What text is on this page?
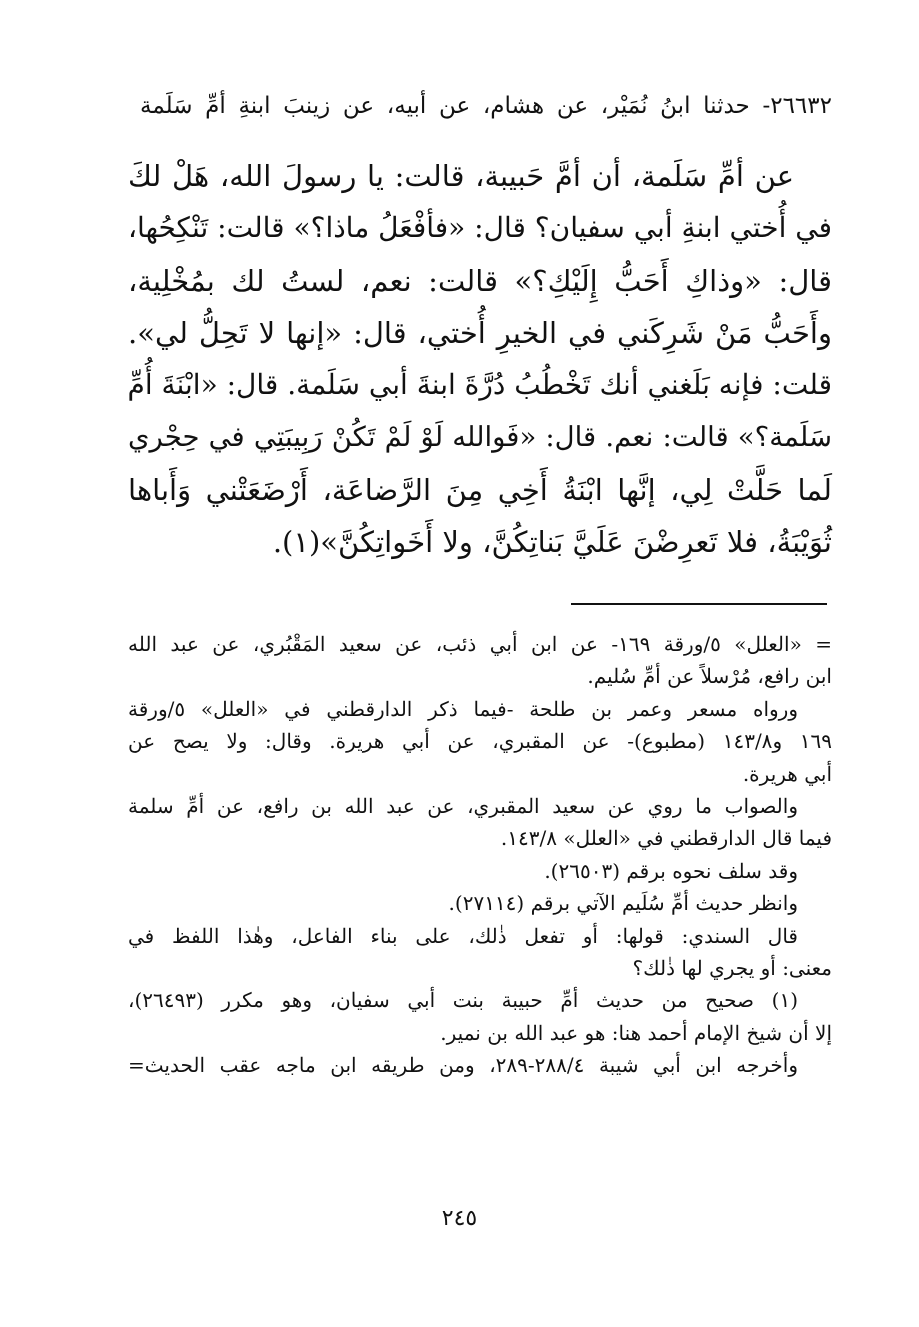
٢٦٦٣٢- حدثنا ابنُ نُمَيْر، عن هشام، عن أبيه، عن زينبَ ابنةِ أمِّ سَلَمة
عن أمِّ سَلَمة، أن أمَّ حَبيبة، قالت: يا رسولَ الله، هَلْ لكَ
في أُختي ابنةِ أبي سفيان؟ قال: «فأفْعَلُ ماذا؟» قالت: تَنْكِحُها،
قال: «وذاكِ أَحَبُّ إِلَيْكِ؟» قالت: نعم، لستُ لك بمُخْلِية،
وأَحَبُّ مَنْ شَرِكَني في الخيرِ أُختي، قال: «إنها لا تَحِلُّ لي».
قلت: فإنه بَلَغني أنك تَخْطُبُ دُرَّةَ ابنةَ أبي سَلَمة. قال: «ابْنَةَ أُمِّ
سَلَمة؟» قالت: نعم. قال: «فَوالله لَوْ لَمْ تَكُنْ رَبِيبَتِي في حِجْري
لَما حَلَّتْ لِي، إنَّها ابْنَةُ أَخِي مِنَ الرَّضاعَة، أَرْضَعَتْني وَأَباها
ثُوَيْبَةُ، فلا تَعرِضْنَ عَلَيَّ بَناتِكُنَّ، ولا أَخَواتِكُنَّ»(١).
= «العلل» ٥/ورقة ١٦٩- عن ابن أبي ذئب، عن سعيد المَقْبُري، عن عبد الله
ابن رافع، مُرْسلاً عن أمِّ سُليم.
ورواه مسعر وعمر بن طلحة -فيما ذكر الدارقطني في «العلل» ٥/ورقة
١٦٩ و١٤٣/٨ (مطبوع)- عن المقبري، عن أبي هريرة. وقال: ولا يصح عن
أبي هريرة.
والصواب ما روي عن سعيد المقبري، عن عبد الله بن رافع، عن أمِّ سلمة
فيما قال الدارقطني في «العلل» ١٤٣/٨.
وقد سلف نحوه برقم (٢٦٥٠٣).
وانظر حديث أمِّ سُلَيم الآتي برقم (٢٧١١٤).
قال السندي: قولها: أو تفعل ذٰلك، على بناء الفاعل، وهٰذا اللفظ في
معنى: أو يجري لها ذٰلك؟
(١) صحيح من حديث أمِّ حبيبة بنت أبي سفيان، وهو مكرر (٢٦٤٩٣)،
إلا أن شيخ الإمام أحمد هنا: هو عبد الله بن نمير.
وأخرجه ابن أبي شيبة ٢٨٨/٤-٢٨٩، ومن طريقه ابن ماجه عقب الحديث=
٢٤٥
